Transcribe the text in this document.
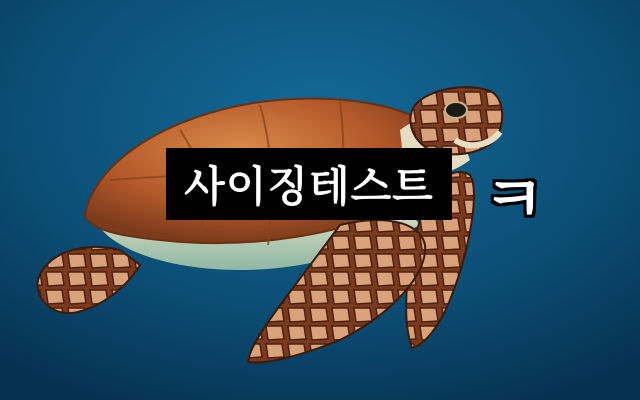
사이징테스트 ㅋ
